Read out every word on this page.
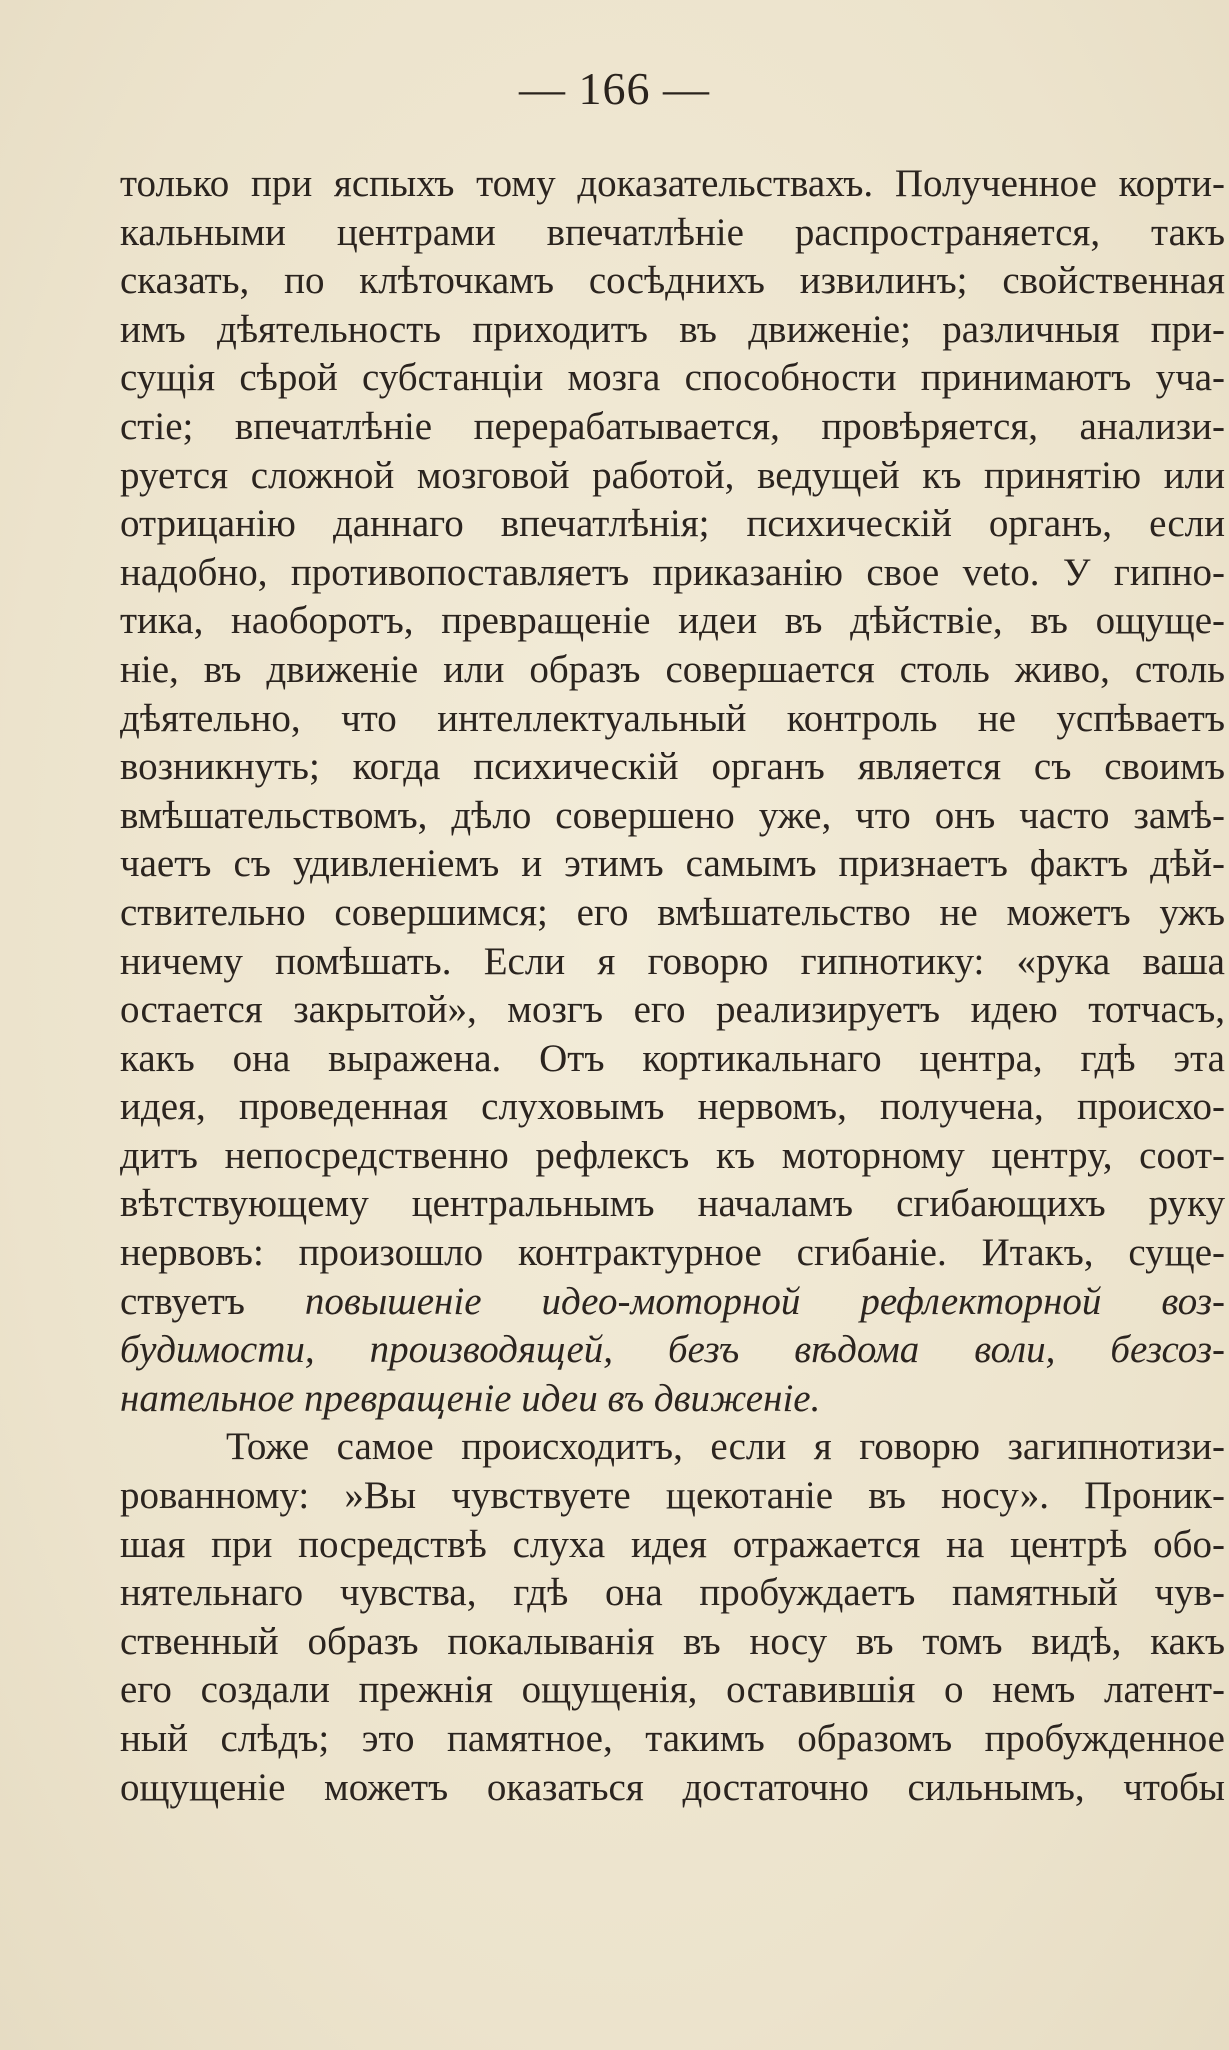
— 166 —
только при яспыхъ тому доказательствахъ. Полученное корти-
кальными центрами впечатлѣніе распространяется, такъ
сказать, по клѣточкамъ сосѣднихъ извилинъ; свойственная
имъ дѣятельность приходитъ въ движеніе; различныя при-
сущія сѣрой субстанціи мозга способности принимаютъ уча-
стіе; впечатлѣніе перерабатывается, провѣряется, анализи-
руется сложной мозговой работой, ведущей къ принятію или
отрицанію даннаго впечатлѣнія; психическій органъ, если
надобно, противопоставляетъ приказанію свое veto. У гипно-
тика, наоборотъ, превращеніе идеи въ дѣйствіе, въ ощуще-
ніе, въ движеніе или образъ совершается столь живо, столь
дѣятельно, что интеллектуальный контроль не успѣваетъ
возникнуть; когда психическій органъ является съ своимъ
вмѣшательствомъ, дѣло совершено уже, что онъ часто замѣ-
чаетъ съ удивленіемъ и этимъ самымъ признаетъ фактъ дѣй-
ствительно совершимся; его вмѣшательство не можетъ ужъ
ничему помѣшать. Если я говорю гипнотику: «рука ваша
остается закрытой», мозгъ его реализируетъ идею тотчасъ,
какъ она выражена. Отъ кортикальнаго центра, гдѣ эта
идея, проведенная слуховымъ нервомъ, получена, происхо-
дитъ непосредственно рефлексъ къ моторному центру, соот-
вѣтствующему центральнымъ началамъ сгибающихъ руку
нервовъ: произошло контрактурное сгибаніе. Итакъ, суще-
ствуетъ повышеніе идео-моторной рефлекторной воз-
будимости, производящей, безъ вѣдома воли, безсоз-
нательное превращеніе идеи въ движеніе.
Тоже самое происходитъ, если я говорю загипнотизи-
рованному: »Вы чувствуете щекотаніе въ носу». Проник-
шая при посредствѣ слуха идея отражается на центрѣ обо-
нятельнаго чувства, гдѣ она пробуждаетъ памятный чув-
ственный образъ покалыванія въ носу въ томъ видѣ, какъ
его создали прежнія ощущенія, оставившія о немъ латент-
ный слѣдъ; это памятное, такимъ образомъ пробужденное
ощущеніе можетъ оказаться достаточно сильнымъ, чтобы
